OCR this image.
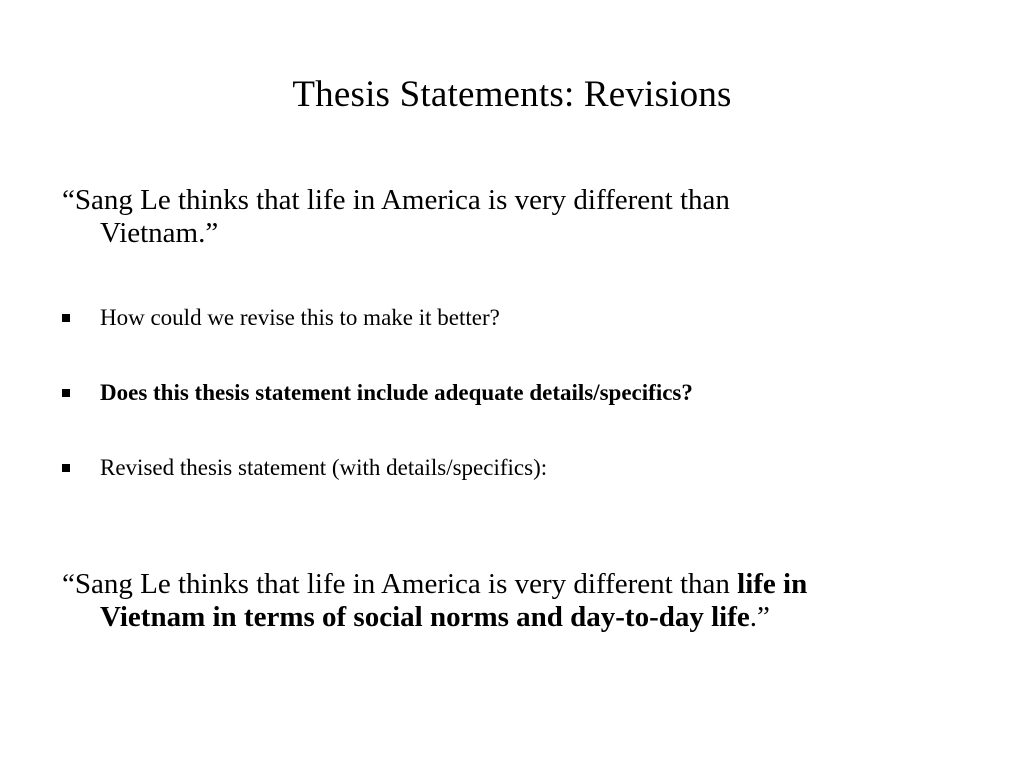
Thesis Statements: Revisions
“Sang Le thinks that life in America is very different than
Vietnam.”
How could we revise this to make it better?
Does this thesis statement include adequate details/specifics?
Revised thesis statement (with details/specifics):
“Sang Le thinks that life in America is very different than life in
Vietnam in terms of social norms and day-to-day life.”
